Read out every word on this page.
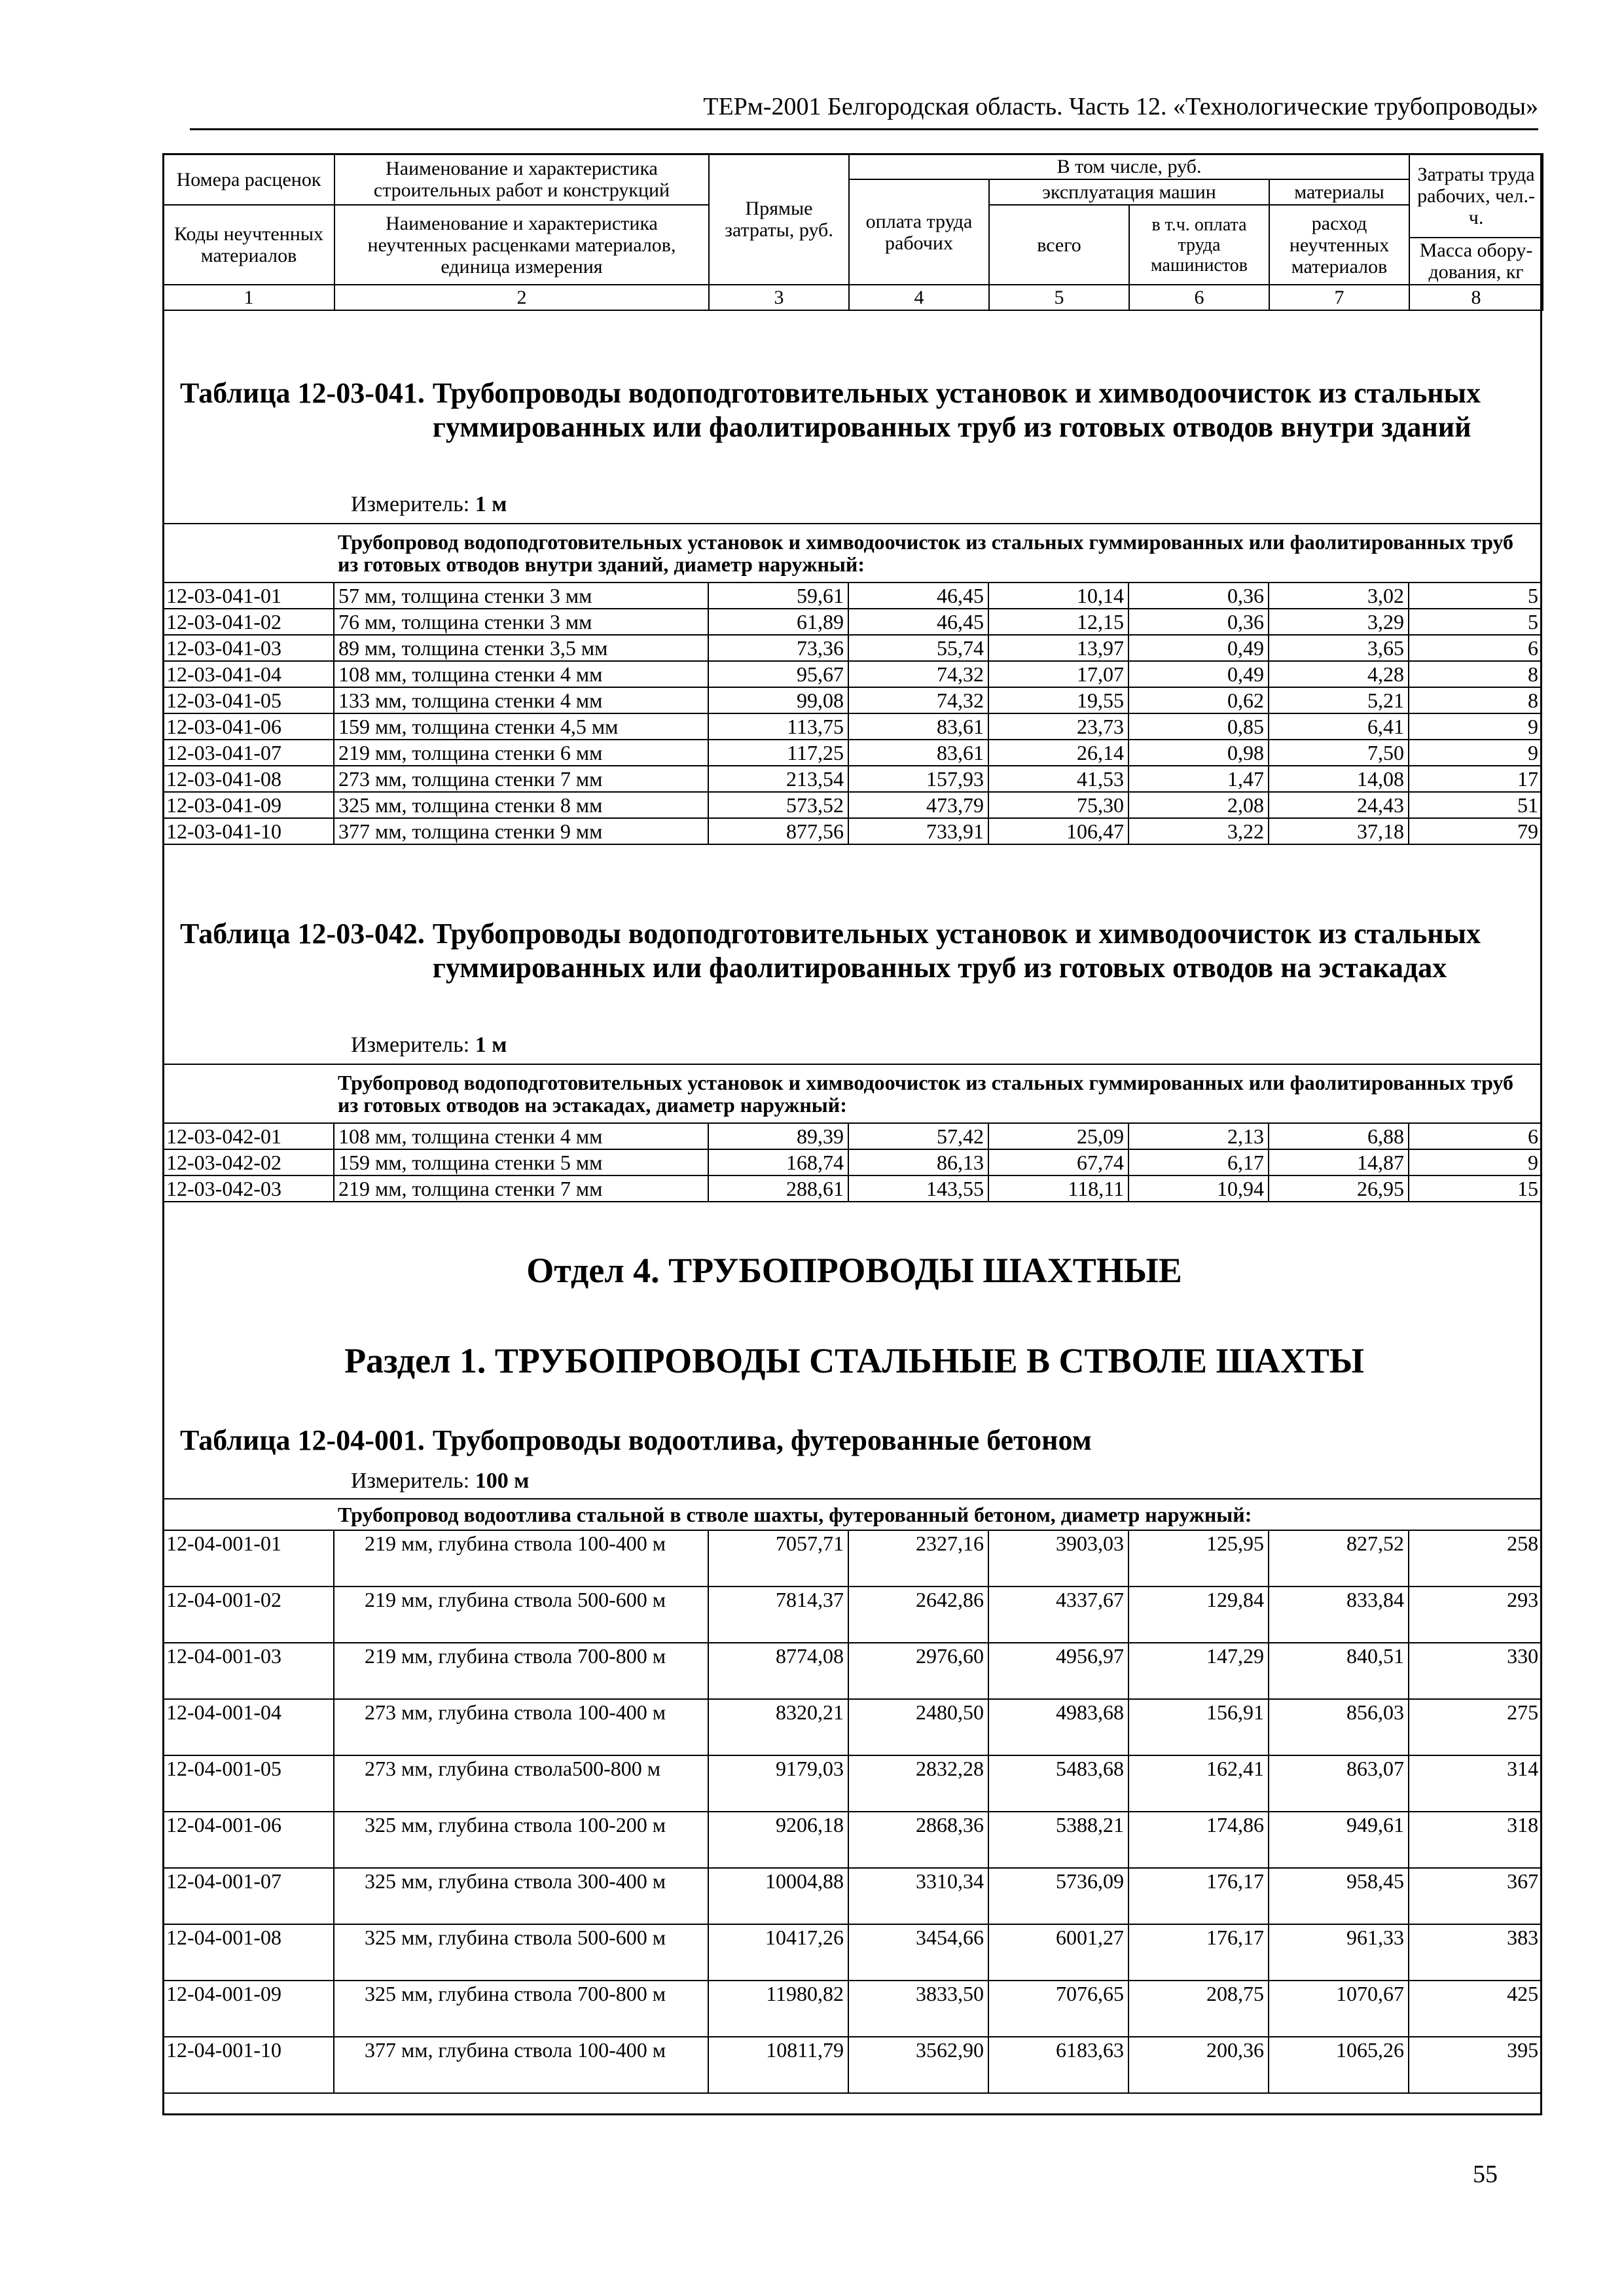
ТЕРм-2001 Белгородская область. Часть 12. «Технологические трубопроводы»
Номера расценок	Наименование и характеристика строительных работ и конструкций	Прямые затраты, руб.	В том числе, руб.				Затраты труда рабочих, чел.-ч.
			оплата труда рабочих	эксплуатация машин		материалы	
Коды неучтенных материалов	Наименование и характеристика неучтенных расценками материалов, единица измерения			всего	в т.ч. оплата труда машинистов	расход неучтенных материалов	
							Масса обору-дования, кг
1	2	3	4	5	6	7	8
Таблица 12-03-041. Трубопроводы водоподготовительных установок и химводоочисток из стальных гуммированных или фаолитированных труб из готовых отводов внутри зданий
Измеритель: 1 м
	Трубопровод водоподготовительных установок и химводоочисток из стальных гуммированных или фаолитированных труб из готовых отводов внутри зданий, диаметр наружный:						
12-03-041-01	57 мм, толщина стенки 3 мм	59,61	46,45	10,14	0,36	3,02	5
12-03-041-02	76 мм, толщина стенки 3 мм	61,89	46,45	12,15	0,36	3,29	5
12-03-041-03	89 мм, толщина стенки 3,5 мм	73,36	55,74	13,97	0,49	3,65	6
12-03-041-04	108 мм, толщина стенки 4 мм	95,67	74,32	17,07	0,49	4,28	8
12-03-041-05	133 мм, толщина стенки 4 мм	99,08	74,32	19,55	0,62	5,21	8
12-03-041-06	159 мм, толщина стенки 4,5 мм	113,75	83,61	23,73	0,85	6,41	9
12-03-041-07	219 мм, толщина стенки 6 мм	117,25	83,61	26,14	0,98	7,50	9
12-03-041-08	273 мм, толщина стенки 7 мм	213,54	157,93	41,53	1,47	14,08	17
12-03-041-09	325 мм, толщина стенки 8 мм	573,52	473,79	75,30	2,08	24,43	51
12-03-041-10	377 мм, толщина стенки 9 мм	877,56	733,91	106,47	3,22	37,18	79
Таблица 12-03-042. Трубопроводы водоподготовительных установок и химводоочисток из стальных гуммированных или фаолитированных труб из готовых отводов на эстакадах
Измеритель: 1 м
	Трубопровод водоподготовительных установок и химводоочисток из стальных гуммированных или фаолитированных труб из готовых отводов на эстакадах, диаметр наружный:						
12-03-042-01	108 мм, толщина стенки 4 мм	89,39	57,42	25,09	2,13	6,88	6
12-03-042-02	159 мм, толщина стенки 5 мм	168,74	86,13	67,74	6,17	14,87	9
12-03-042-03	219 мм, толщина стенки 7 мм	288,61	143,55	118,11	10,94	26,95	15
Отдел 4. ТРУБОПРОВОДЫ ШАХТНЫЕ
Раздел 1. ТРУБОПРОВОДЫ СТАЛЬНЫЕ В СТВОЛЕ ШАХТЫ
Таблица 12-04-001. Трубопроводы водоотлива, футерованные бетоном
Измеритель: 100 м
	Трубопровод водоотлива стальной в стволе шахты, футерованный бетоном, диаметр наружный:						
12-04-001-01	219 мм, глубина ствола 100-400 м	7057,71	2327,16	3903,03	125,95	827,52	258
12-04-001-02	219 мм, глубина ствола 500-600 м	7814,37	2642,86	4337,67	129,84	833,84	293
12-04-001-03	219 мм, глубина ствола 700-800 м	8774,08	2976,60	4956,97	147,29	840,51	330
12-04-001-04	273 мм, глубина ствола 100-400 м	8320,21	2480,50	4983,68	156,91	856,03	275
12-04-001-05	273 мм, глубина ствола500-800 м	9179,03	2832,28	5483,68	162,41	863,07	314
12-04-001-06	325 мм, глубина ствола 100-200 м	9206,18	2868,36	5388,21	174,86	949,61	318
12-04-001-07	325 мм, глубина ствола 300-400 м	10004,88	3310,34	5736,09	176,17	958,45	367
12-04-001-08	325 мм, глубина ствола 500-600 м	10417,26	3454,66	6001,27	176,17	961,33	383
12-04-001-09	325 мм, глубина ствола 700-800 м	11980,82	3833,50	7076,65	208,75	1070,67	425
12-04-001-10	377 мм, глубина ствола 100-400 м	10811,79	3562,90	6183,63	200,36	1065,26	395
55
